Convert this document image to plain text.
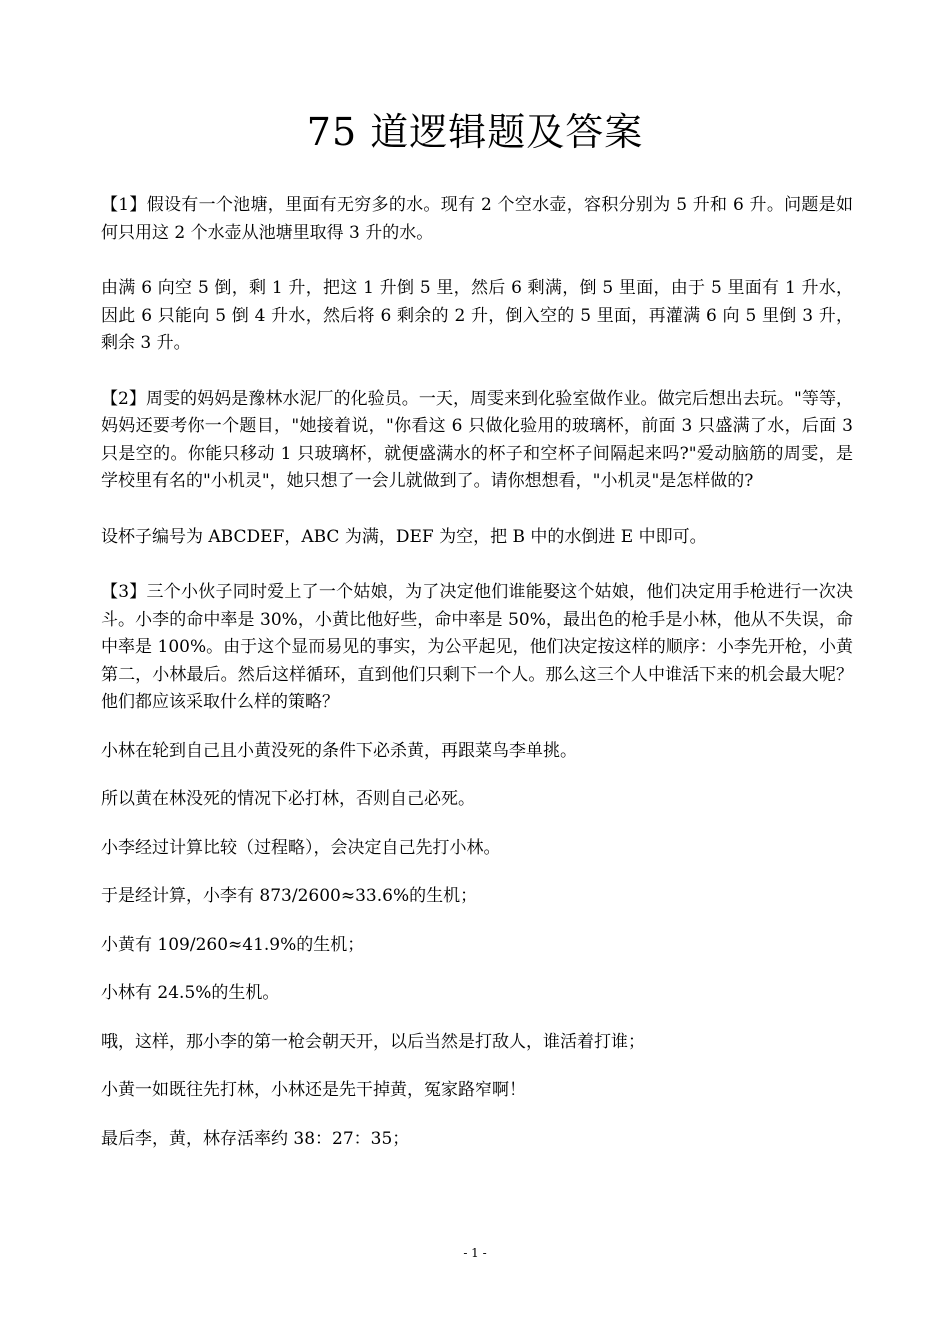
75 道逻辑题及答案

【1】假设有一个池塘，里面有无穷多的水。现有 2 个空水壶，容积分别为 5 升和 6 升。问题是如何只用这 2 个水壶从池塘里取得 3 升的水。

由满 6 向空 5 倒，剩 1 升，把这 1 升倒 5 里，然后 6 剩满，倒 5 里面，由于 5 里面有 1 升水，因此 6 只能向 5 倒 4 升水，然后将 6 剩余的 2 升，倒入空的 5 里面，再灌满 6 向 5 里倒 3 升，剩余 3 升。

【2】周雯的妈妈是豫林水泥厂的化验员。一天，周雯来到化验室做作业。做完后想出去玩。"等等，妈妈还要考你一个题目，"她接着说，"你看这 6 只做化验用的玻璃杯，前面 3 只盛满了水，后面 3 只是空的。你能只移动 1 只玻璃杯，就便盛满水的杯子和空杯子间隔起来吗?"爱动脑筋的周雯，是学校里有名的"小机灵"，她只想了一会儿就做到了。请你想想看，"小机灵"是怎样做的?

设杯子编号为 ABCDEF，ABC 为满，DEF 为空，把 B 中的水倒进 E 中即可。

【3】三个小伙子同时爱上了一个姑娘，为了决定他们谁能娶这个姑娘，他们决定用手枪进行一次决斗。小李的命中率是 30%，小黄比他好些，命中率是 50%，最出色的枪手是小林，他从不失误，命中率是 100%。由于这个显而易见的事实，为公平起见，他们决定按这样的顺序：小李先开枪，小黄第二，小林最后。然后这样循环，直到他们只剩下一个人。那么这三个人中谁活下来的机会最大呢？他们都应该采取什么样的策略？

小林在轮到自己且小黄没死的条件下必杀黄，再跟菜鸟李单挑。

所以黄在林没死的情况下必打林，否则自己必死。

小李经过计算比较（过程略），会决定自己先打小林。

于是经计算，小李有 873/2600≈33.6%的生机；

小黄有 109/260≈41.9%的生机；

小林有 24.5%的生机。

哦，这样，那小李的第一枪会朝天开，以后当然是打敌人，谁活着打谁；

小黄一如既往先打林，小林还是先干掉黄，冤家路窄啊！

最后李，黄，林存活率约 38：27：35；

- 1 -
